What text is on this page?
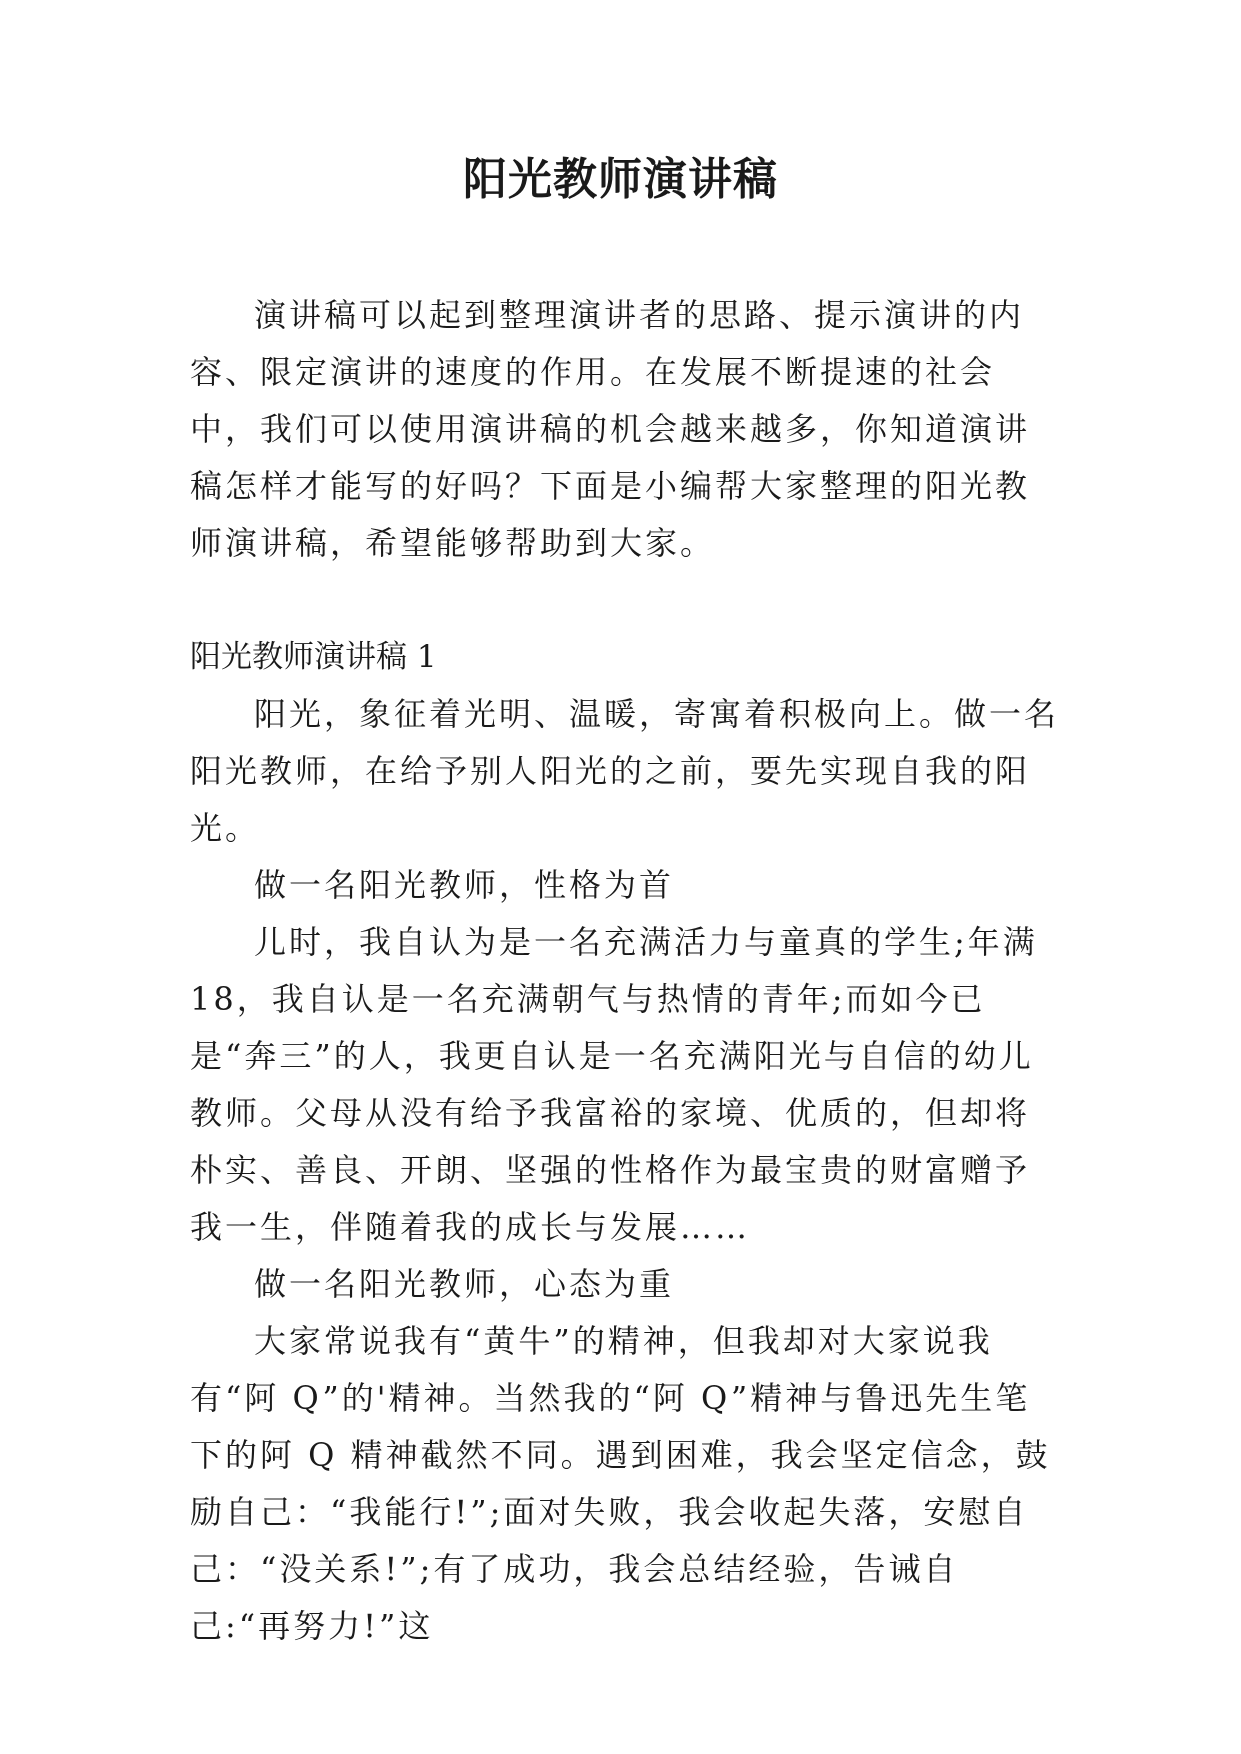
阳光教师演讲稿

演讲稿可以起到整理演讲者的思路、提示演讲的内容、限定演讲的速度的作用。在发展不断提速的社会中，我们可以使用演讲稿的机会越来越多，你知道演讲稿怎样才能写的好吗？下面是小编帮大家整理的阳光教师演讲稿，希望能够帮助到大家。

阳光教师演讲稿 1

阳光，象征着光明、温暖，寄寓着积极向上。做一名阳光教师，在给予别人阳光的之前，要先实现自我的阳光。

做一名阳光教师，性格为首

儿时，我自认为是一名充满活力与童真的学生;年满 18，我自认是一名充满朝气与热情的青年;而如今已是“奔三”的人，我更自认是一名充满阳光与自信的幼儿教师。父母从没有给予我富裕的家境、优质的，但却将朴实、善良、开朗、坚强的性格作为最宝贵的财富赠予我一生，伴随着我的成长与发展……

做一名阳光教师，心态为重

大家常说我有“黄牛”的精神，但我却对大家说我有“阿 Q”的'精神。当然我的“阿 Q”精神与鲁迅先生笔下的阿 Q 精神截然不同。遇到困难，我会坚定信念，鼓励自己：“我能行!”;面对失败，我会收起失落，安慰自己：“没关系!”;有了成功，我会总结经验，告诫自己:“再努力!”这
